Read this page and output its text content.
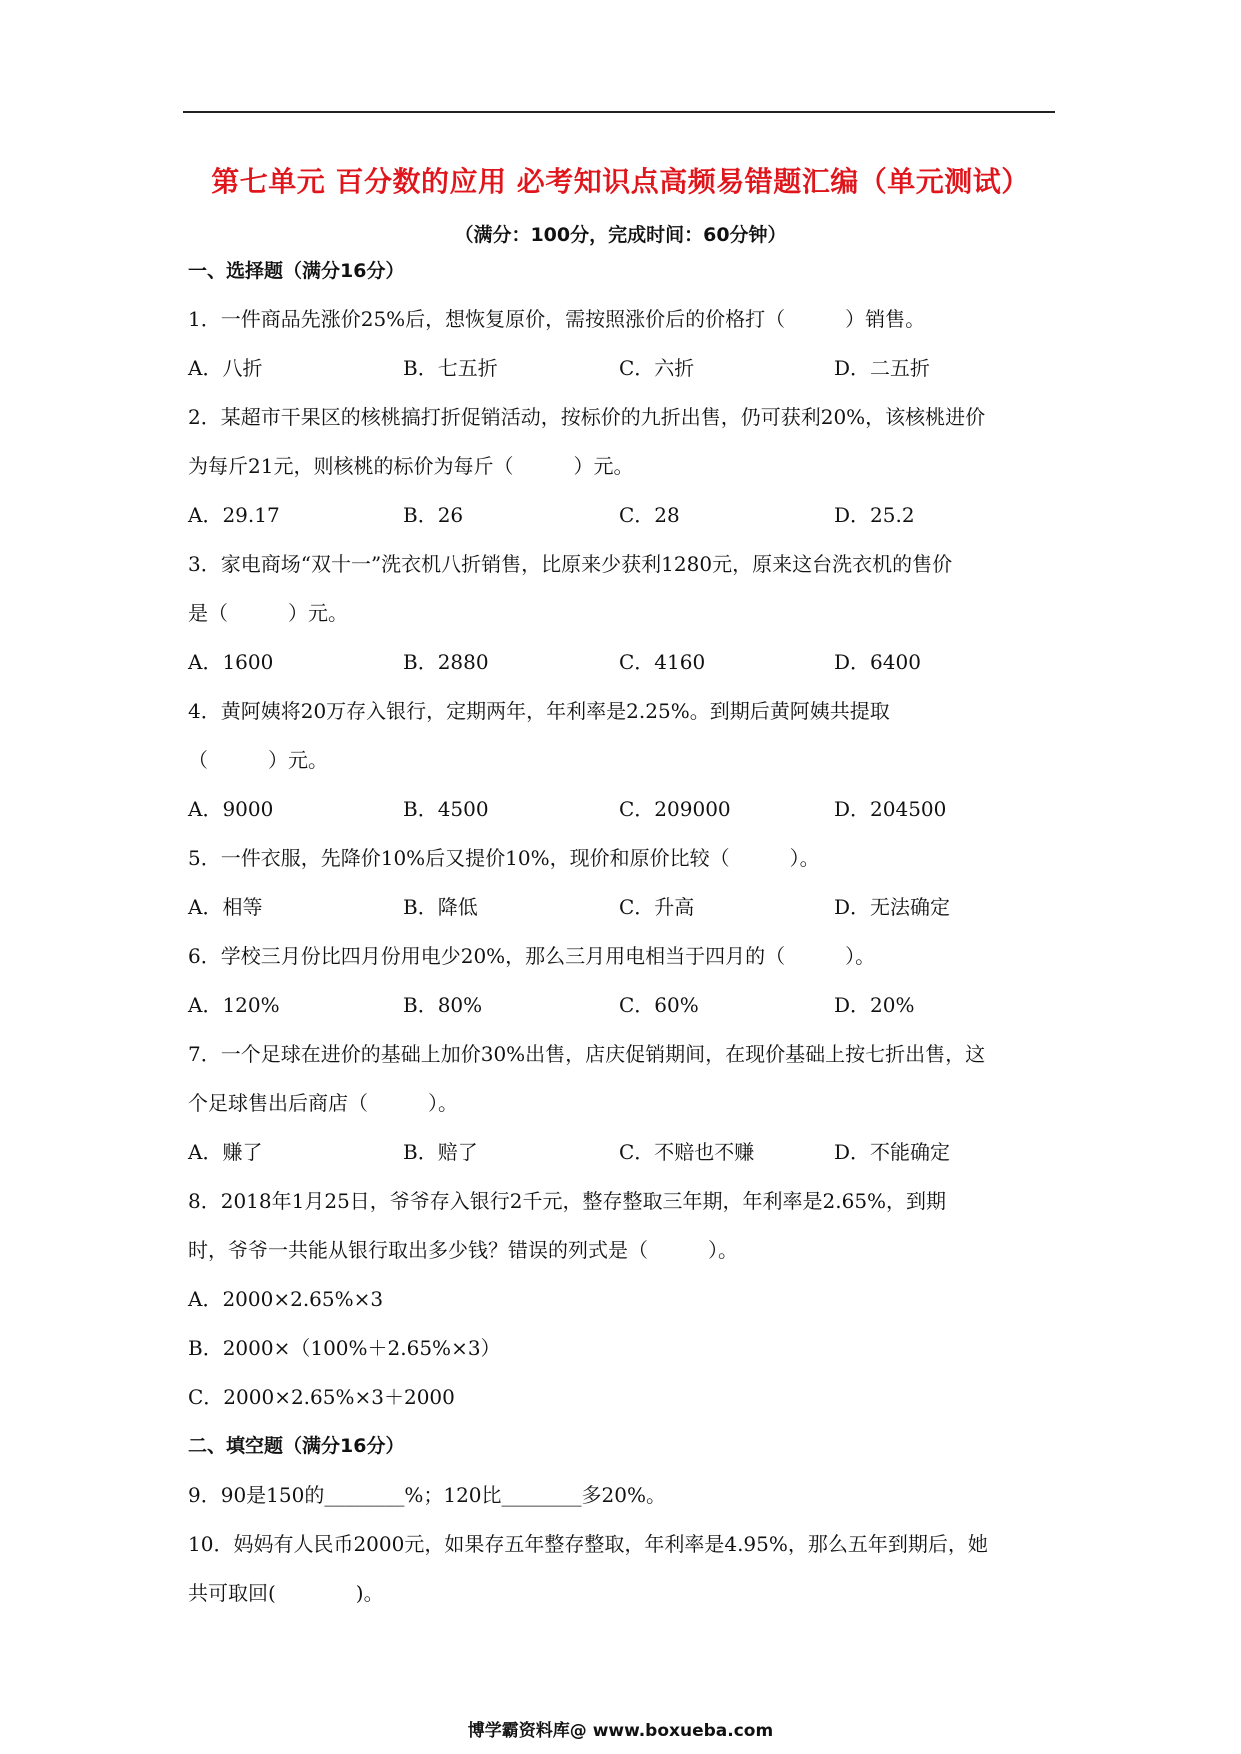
第七单元 百分数的应用 必考知识点高频易错题汇编（单元测试）
（满分：100分，完成时间：60分钟）
一、选择题（满分16分）
1．一件商品先涨价25%后，想恢复原价，需按照涨价后的价格打（　　　）销售。
A．八折	B．七五折	C．六折	D．二五折
2．某超市干果区的核桃搞打折促销活动，按标价的九折出售，仍可获利20%，该核桃进价
为每斤21元，则核桃的标价为每斤（　　　）元。
A．29.17	B．26	C．28	D．25.2
3．家电商场“双十一”洗衣机八折销售，比原来少获利1280元，原来这台洗衣机的售价
是（　　　）元。
A．1600	B．2880	C．4160	D．6400
4．黄阿姨将20万存入银行，定期两年，年利率是2.25%。到期后黄阿姨共提取
（　　　）元。
A．9000	B．4500	C．209000	D．204500
5．一件衣服，先降价10%后又提价10%，现价和原价比较（　　　）。
A．相等	B．降低	C．升高	D．无法确定
6．学校三月份比四月份用电少20%，那么三月用电相当于四月的（　　　）。
A．120%	B．80%	C．60%	D．20%
7．一个足球在进价的基础上加价30%出售，店庆促销期间，在现价基础上按七折出售，这
个足球售出后商店（　　　）。
A．赚了	B．赔了	C．不赔也不赚	D．不能确定
8．2018年1月25日，爷爷存入银行2千元，整存整取三年期，年利率是2.65%，到期
时，爷爷一共能从银行取出多少钱？错误的列式是（　　　）。
A．2000×2.65%×3
B．2000×（100%＋2.65%×3）
C．2000×2.65%×3＋2000
二、填空题（满分16分）
9．90是150的________%；120比________多20%。
10．妈妈有人民币2000元，如果存五年整存整取，年利率是4.95%，那么五年到期后，她
共可取回(　　　　)。
博学霸资料库@ www.boxueba.com
